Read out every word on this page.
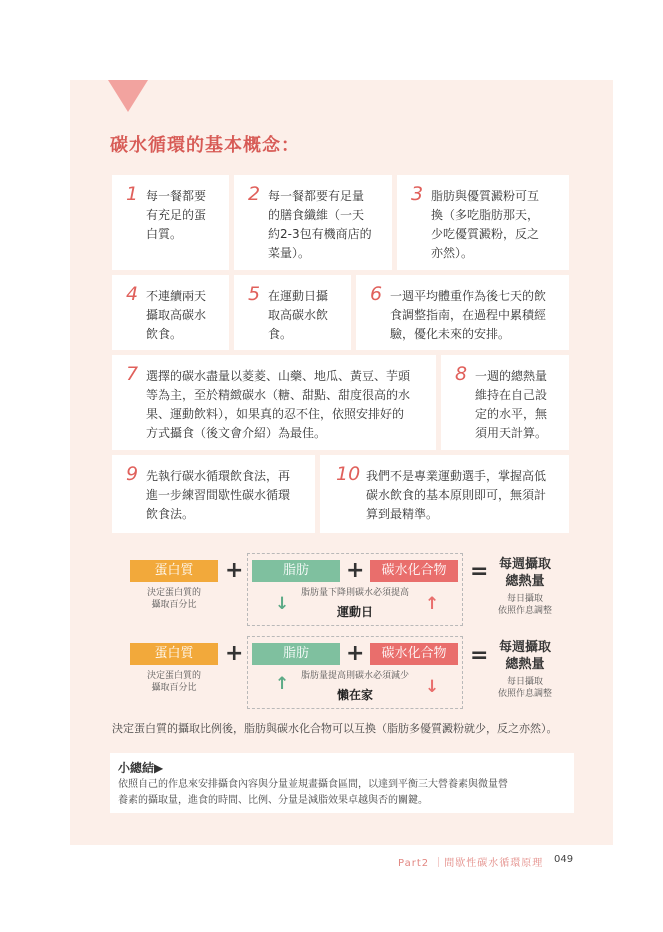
碳水循環的基本概念：
1 每一餐都要
有充足的蛋
白質。
2 每一餐都要有足量
的膳食纖維（一天
約2-3包有機商店的
菜量）。
3 脂肪與優質澱粉可互
換（多吃脂肪那天，
少吃優質澱粉，反之
亦然）。
4 不連續兩天
攝取高碳水
飲食。
5 在運動日攝
取高碳水飲
食。
6 一週平均體重作為後七天的飲
食調整指南，在過程中累積經
驗，優化未來的安排。
7 選擇的碳水盡量以菱菱、山藥、地瓜、黃豆、芋頭
等為主，至於精緻碳水（糖、甜點、甜度很高的水
果、運動飲料），如果真的忍不住，依照安排好的
方式攝食（後文會介紹）為最佳。
8 一週的總熱量
維持在自己設
定的水平，無
須用天計算。
9 先執行碳水循環飲食法，再
進一步練習間歇性碳水循環
飲食法。
10 我們不是專業運動選手，掌握高低
碳水飲食的基本原則即可，無須計
算到最精準。
蛋白質	+
決定蛋白質的
攝取百分比
脂肪	+	碳水化合物
脂肪量下降則碳水必須提高
↓	↑
運動日
= 每週攝取
總熱量
每日攝取
依照作息調整
蛋白質	+
決定蛋白質的
攝取百分比
脂肪	+	碳水化合物
脂肪量提高則碳水必須減少
↑	↓
懶在家
= 每週攝取
總熱量
每日攝取
依照作息調整
決定蛋白質的攝取比例後，脂肪與碳水化合物可以互換（脂肪多優質澱粉就少，反之亦然）。
小總結▶
依照自己的作息來安排攝食內容與分量並規畫攝食區間，以達到平衡三大營養素與微量營
養素的攝取量，進食的時間、比例、分量是減脂效果卓越與否的關鍵。
Part2 ｜間歇性碳水循環原理 049
